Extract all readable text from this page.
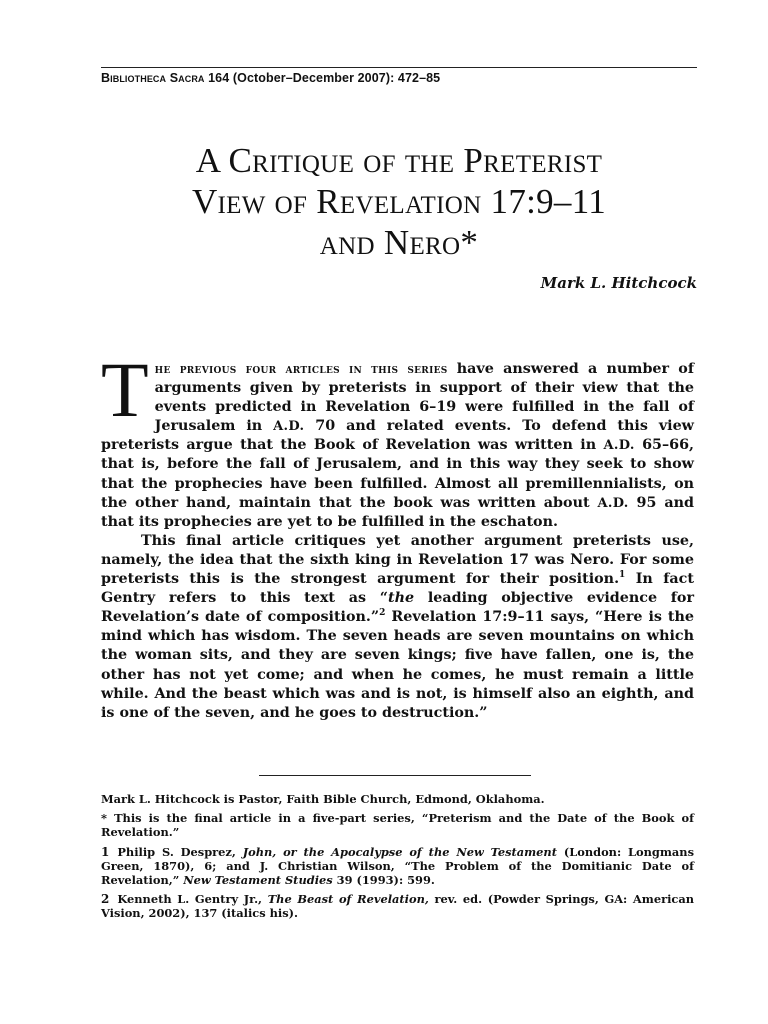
Bibliotheca Sacra 164 (October–December 2007): 472–85
A Critique of the Preterist
View of Revelation 17:9–11
and Nero*
Mark L. Hitchcock

The previous four articles in this series have answered a number of arguments given by preterists in support of their view that the events predicted in Revelation 6–19 were fulfilled in the fall of Jerusalem in A.D. 70 and related events. To defend this view preterists argue that the Book of Revelation was written in A.D. 65–66, that is, before the fall of Jerusalem, and in this way they seek to show that the prophecies have been fulfilled. Almost all premillennialists, on the other hand, maintain that the book was written about A.D. 95 and that its prophecies are yet to be fulfilled in the eschaton.

This final article critiques yet another argument preterists use, namely, the idea that the sixth king in Revelation 17 was Nero. For some preterists this is the strongest argument for their position.$^1$ In fact Gentry refers to this text as “the leading objective evidence for Revelation’s date of composition.”$^2$ Revelation 17:9–11 says, “Here is the mind which has wisdom. The seven heads are seven mountains on which the woman sits, and they are seven kings; five have fallen, one is, the other has not yet come; and when he comes, he must remain a little while. And the beast which was and is not, is himself also an eighth, and is one of the seven, and he goes to destruction.”

Mark L. Hitchcock is Pastor, Faith Bible Church, Edmond, Oklahoma.
* This is the final article in a five-part series, “Preterism and the Date of the Book of Revelation.”
1 Philip S. Desprez, John, or the Apocalypse of the New Testament (London: Longmans Green, 1870), 6; and J. Christian Wilson, “The Problem of the Domitianic Date of Revelation,” New Testament Studies 39 (1993): 599.
2 Kenneth L. Gentry Jr., The Beast of Revelation, rev. ed. (Powder Springs, GA: American Vision, 2002), 137 (italics his).
